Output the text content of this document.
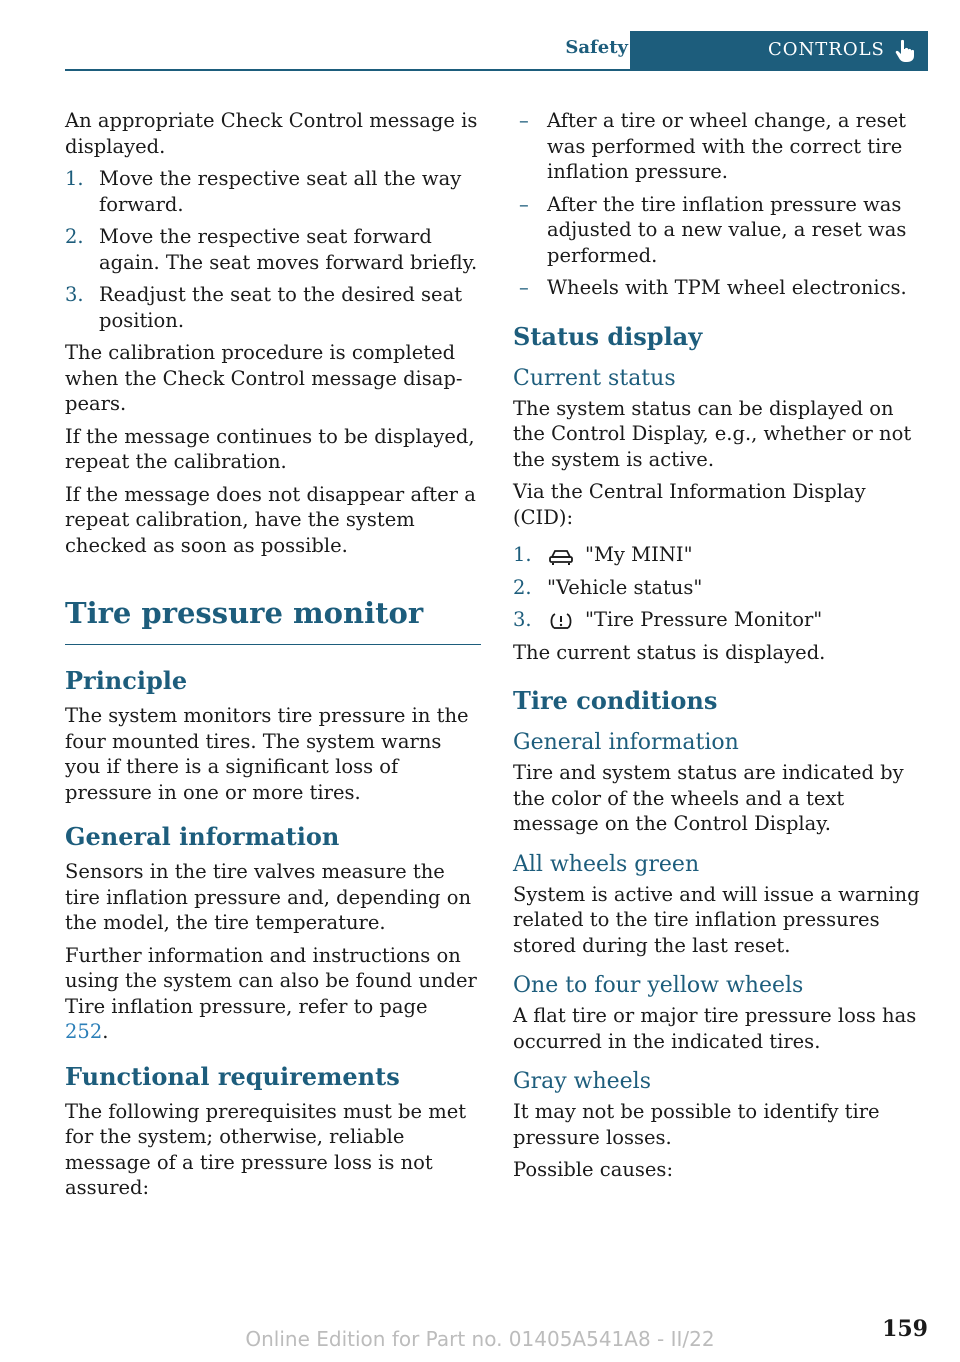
Safety	CONTROLS

An appropriate Check Control message is displayed.

1. Move the respective seat all the way forward.
2. Move the respective seat forward again. The seat moves forward briefly.
3. Readjust the seat to the desired seat position.

The calibration procedure is completed when the Check Control message disappears.

If the message continues to be displayed, repeat the calibration.

If the message does not disappear after a repeat calibration, have the system checked as soon as possible.

Tire pressure monitor
Principle

The system monitors tire pressure in the four mounted tires. The system warns you if there is a significant loss of pressure in one or more tires.

General information

Sensors in the tire valves measure the tire inflation pressure and, depending on the model, the tire temperature.

Further information and instructions on using the system can also be found under Tire inflation pressure, refer to page  252.

Functional requirements

The following prerequisites must be met for the system; otherwise, reliable message of a tire pressure loss is not assured:

– After a tire or wheel change, a reset was performed with the correct tire inflation pressure.
– After the tire inflation pressure was adjusted to a new value, a reset was performed.
– Wheels with TPM wheel electronics.
Status display
Current status

The system status can be displayed on the Control Display, e.g., whether or not the system is active.

Via the Central Information Display (CID):

1.	"My MINI"
2. "Vehicle status"
3.	"Tire Pressure Monitor"

The current status is displayed.

Tire conditions
General information

Tire and system status are indicated by the color of the wheels and a text message on the Control Display.

All wheels green

System is active and will issue a warning related to the tire inflation pressures stored during the last reset.

One to four yellow wheels

A flat tire or major tire pressure loss has occurred in the indicated tires.

Gray wheels

It may not be possible to identify tire pressure losses.

Possible causes:

159
Online Edition for Part no. 01405A541A8 - II/22
